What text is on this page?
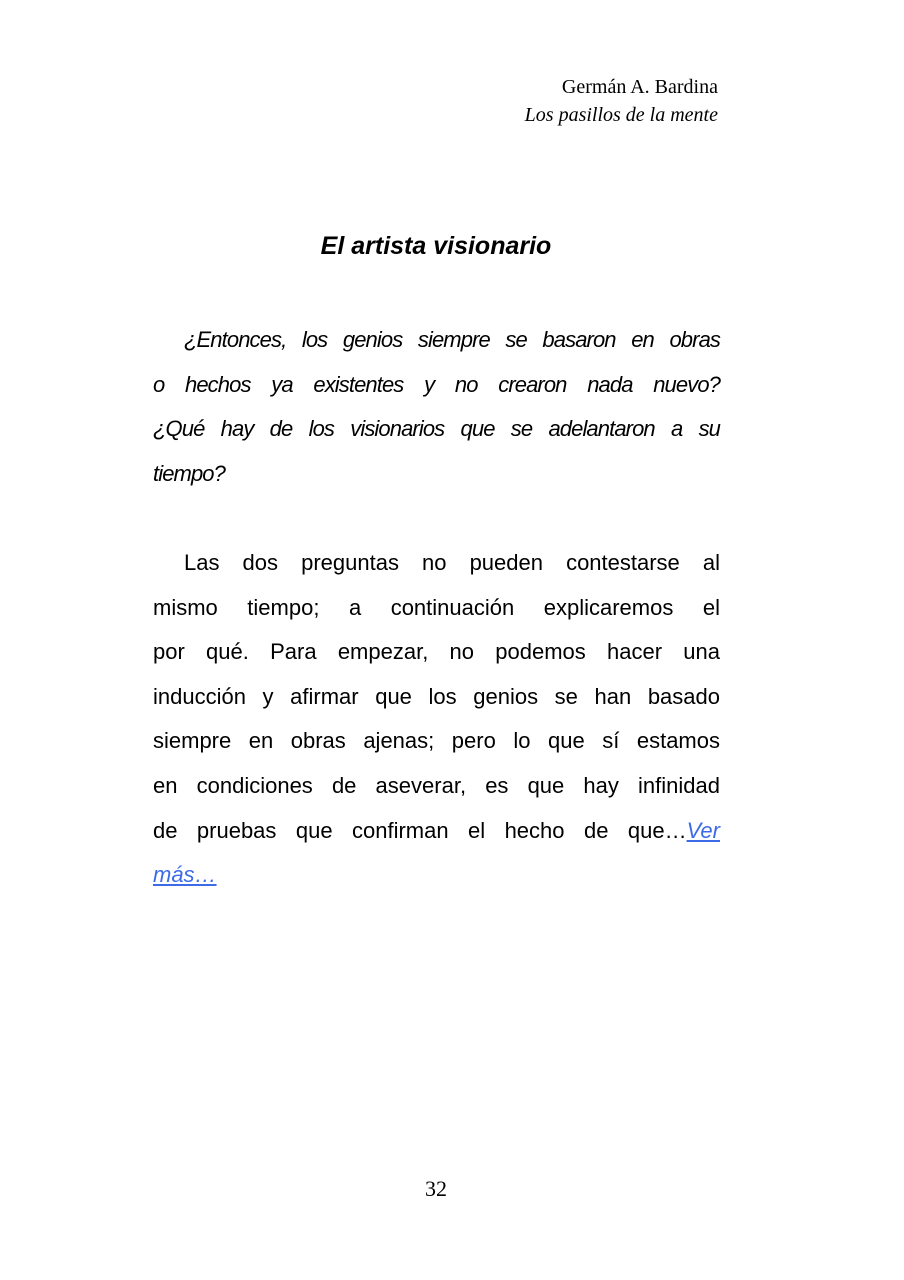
Germán A. Bardina
Los pasillos de la mente
El artista visionario
¿Entonces, los genios siempre se basaron en obras
o hechos ya existentes y no crearon nada nuevo?
¿Qué hay de los visionarios que se adelantaron a su
tiempo?
Las dos preguntas no pueden contestarse al
mismo tiempo; a continuación explicaremos el
por qué. Para empezar, no podemos hacer una
inducción y afirmar que los genios se han basado
siempre en obras ajenas; pero lo que sí estamos
en condiciones de aseverar, es que hay infinidad
de pruebas que confirman el hecho de que…Ver
más…
32
